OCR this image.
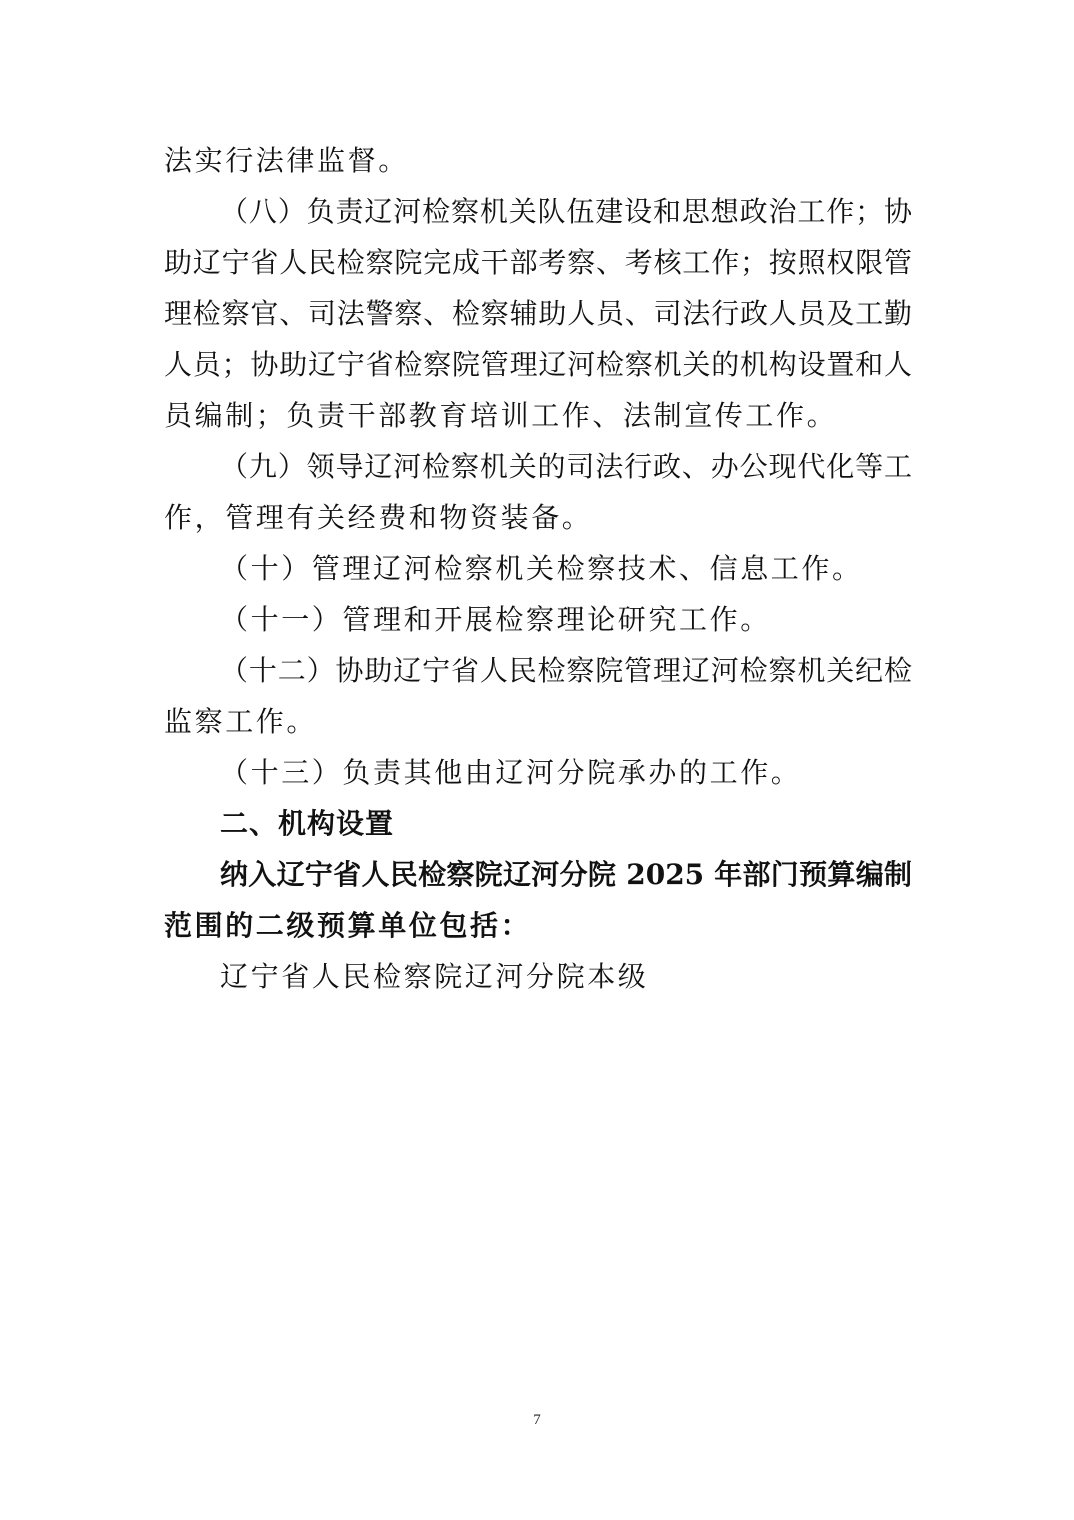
法实行法律监督。
（八）负责辽河检察机关队伍建设和思想政治工作；协
助辽宁省人民检察院完成干部考察、考核工作；按照权限管
理检察官、司法警察、检察辅助人员、司法行政人员及工勤
人员；协助辽宁省检察院管理辽河检察机关的机构设置和人
员编制；负责干部教育培训工作、法制宣传工作。
（九）领导辽河检察机关的司法行政、办公现代化等工
作，管理有关经费和物资装备。
（十）管理辽河检察机关检察技术、信息工作。
（十一）管理和开展检察理论研究工作。
（十二）协助辽宁省人民检察院管理辽河检察机关纪检
监察工作。
（十三）负责其他由辽河分院承办的工作。
二、机构设置
纳入辽宁省人民检察院辽河分院 2025 年部门预算编制
范围的二级预算单位包括：
辽宁省人民检察院辽河分院本级
7
